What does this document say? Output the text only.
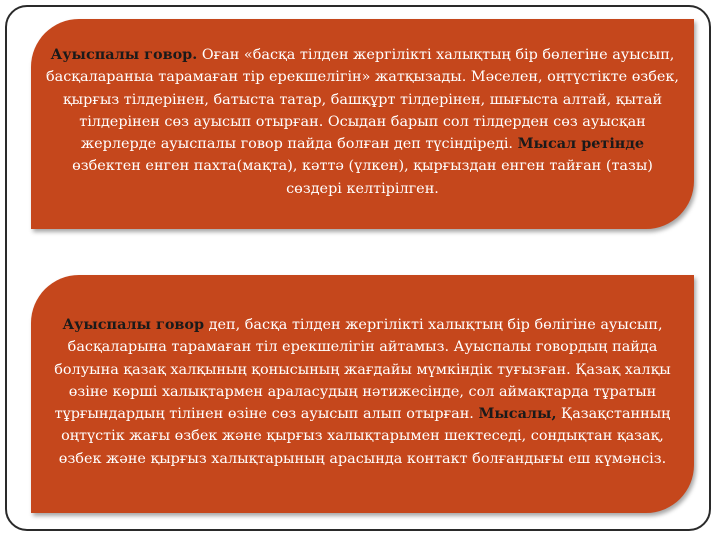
Ауыспалы говор. Оған «басқа тілден жергілікті халықтың бір бөлегіне ауысып, басқаларaныа тарамаған тір ерекшелігін» жатқызады. Мәселен, оңтүстікте өзбек, қырғыз тілдерінен, батыста татар, башқұрт тілдерінен, шығыста алтай, қытай тілдерінен сөз ауысып отырған. Осыдан барып сол тілдерден сөз ауысқан жерлерде ауыспалы говор пайда болған деп түсіндіреді. Мысал ретінде өзбектен енген пахта(мақта), кәттә (үлкен), қырғыздан енген тайған (тазы) сөздері келтірілген.

Ауыспалы говор деп, басқа тілден жергілікті халықтың бір бөлігіне ауысып, басқаларына тарамаған тіл ерекшелігін айтамыз. Ауыспалы говордың пайда болуына қазақ халқының қонысының жағдайы мүмкіндік туғызған. Қазақ халқы өзіне көрші халықтармен араласудың нәтижесінде, сол аймақтарда тұратын тұрғындардың тілінен өзіне сөз ауысып алып отырған. Мысалы, Қазақстанның оңтүстік жағы өзбек және қырғыз халықтарымен шектеседі, сондықтан қазақ, өзбек және қырғыз халықтарының арасында контакт болғандығы еш күмәнсіз.
